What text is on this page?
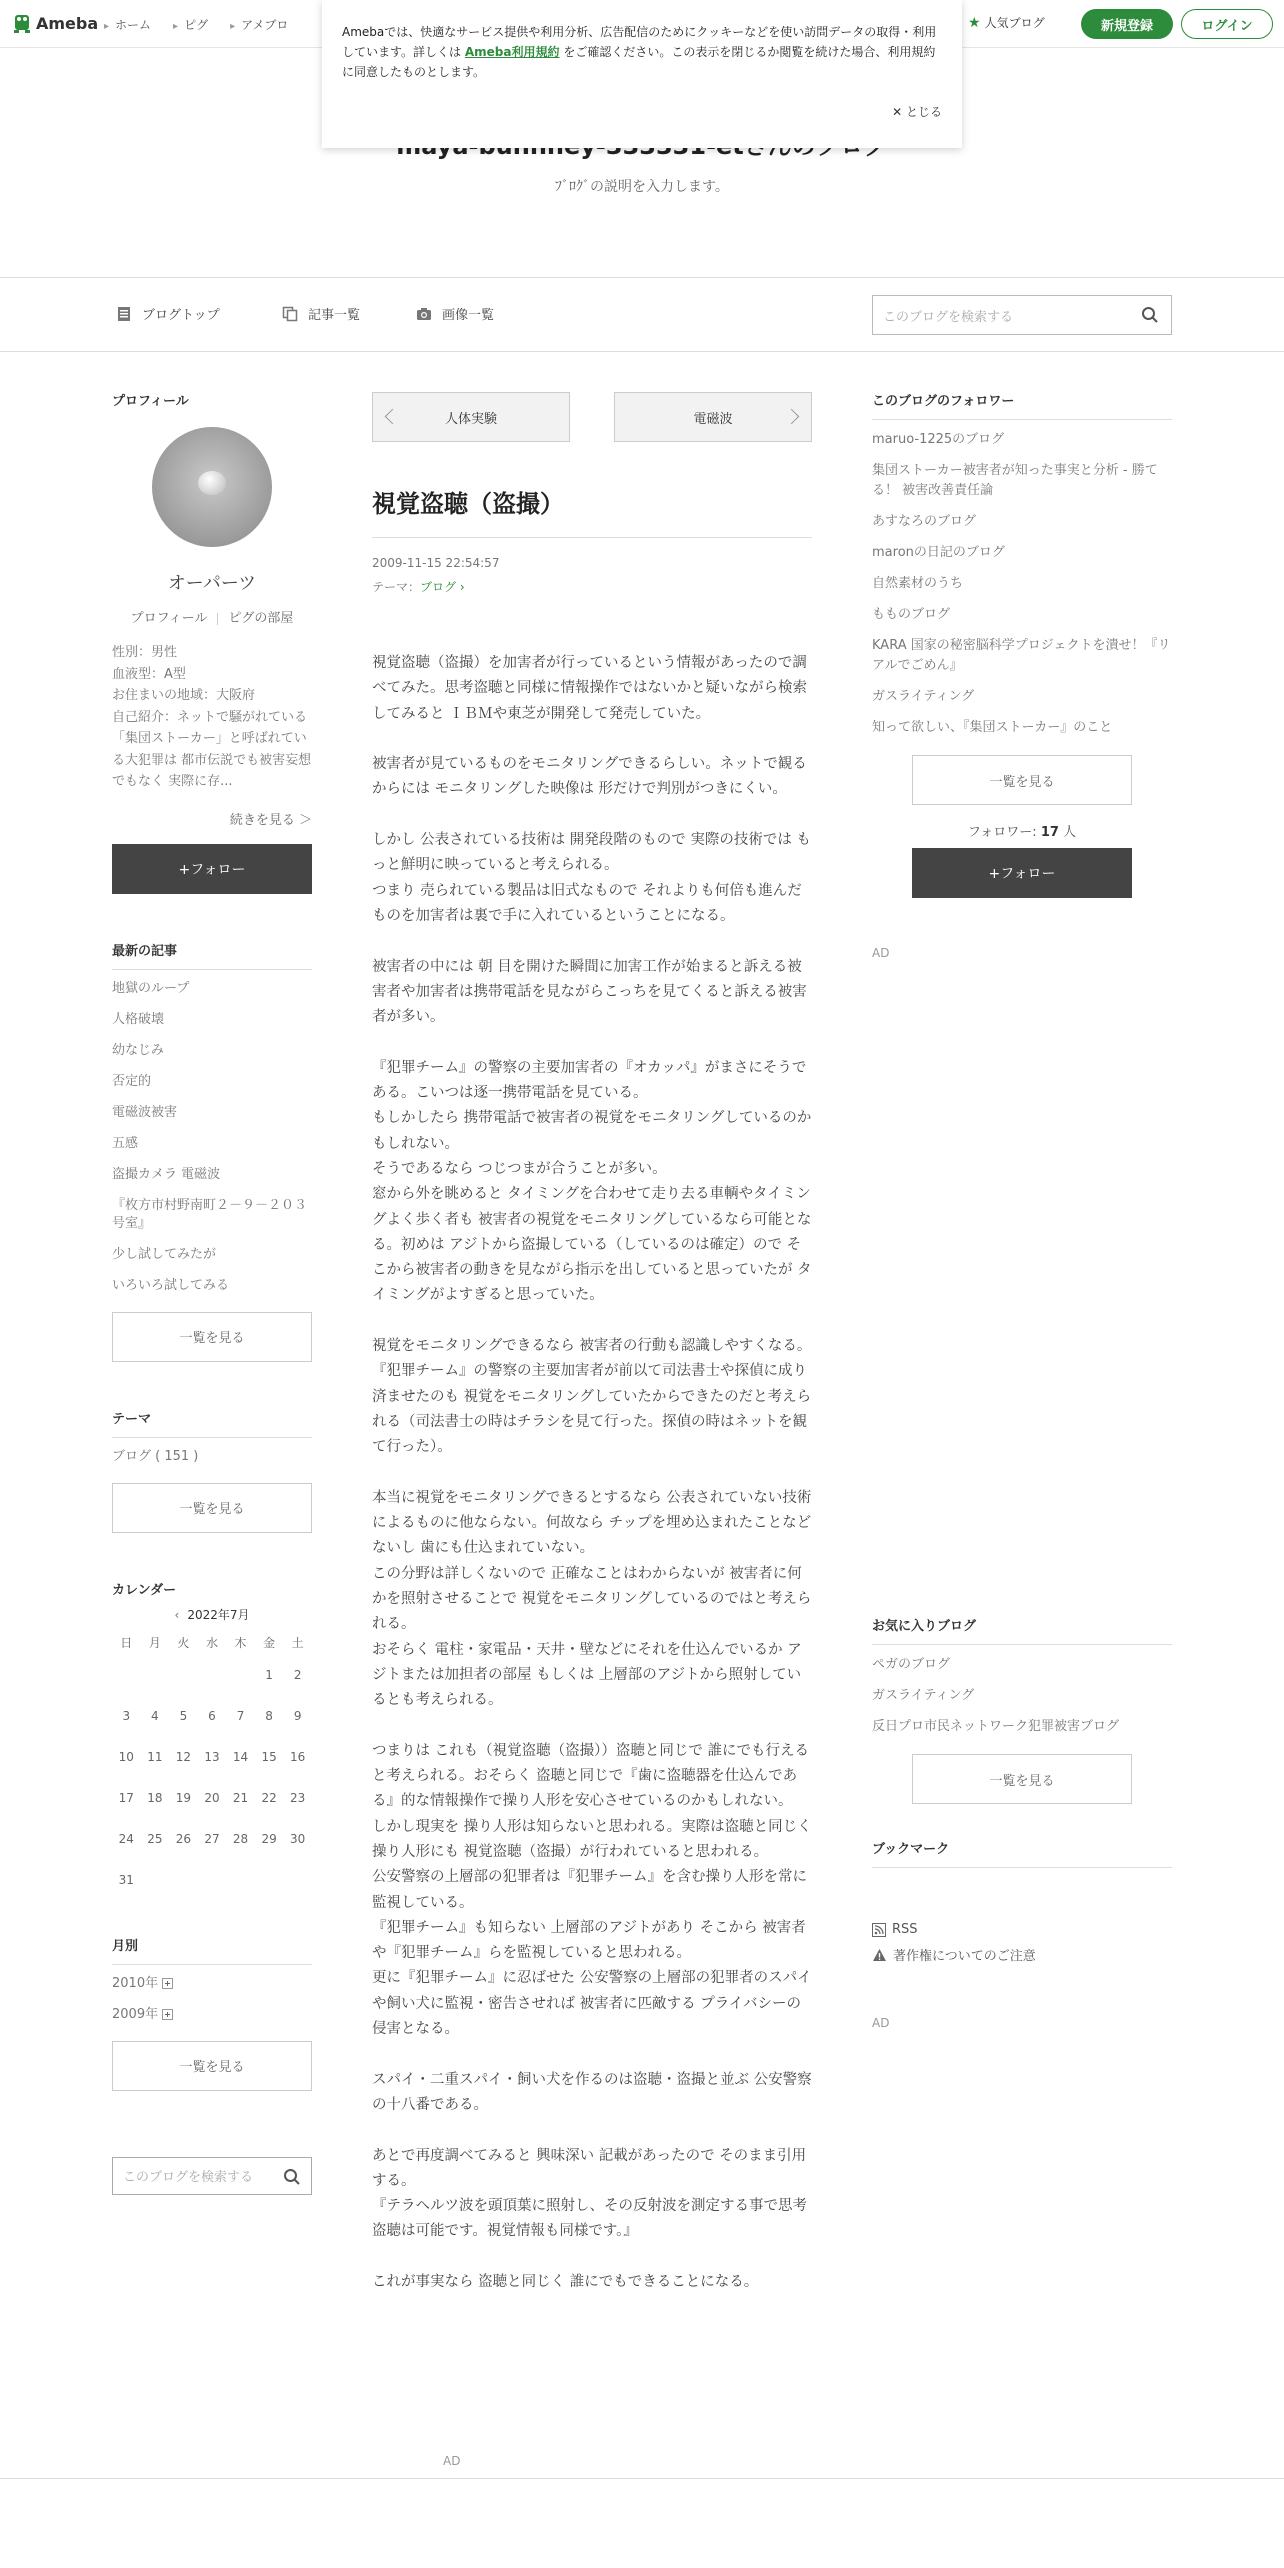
Ameba	▸ ホーム	▸ ピグ	▸ アメブロ	★ 人気ブログ	新規登録	ログイン
Amebaでは、快適なサービス提供や利用分析、広告配信のためにクッキーなどを使い訪問データの取得・利用しています。詳しくは Ameba利用規約 をご確認ください。この表示を閉じるか閲覧を続けた場合、利用規約に同意したものとします。
✕ とじる
ﾌﾞﾛｸﾞの説明を入力します。
ブログトップ	記事一覧	画像一覧	このブログを検索する
プロフィール
オーパーツ
プロフィール ピグの部屋
性別：男性
血液型：A型
お住まいの地域：大阪府
自己紹介：ネットで騒がれている「集団ストーカー」と呼ばれている大犯罪は 都市伝説でも被害妄想でもなく 実際に存...
続きを見る ＞
+フォロー
最新の記事
地獄のループ
人格破壊
幼なじみ
否定的
電磁波被害
五感
盗撮カメラ 電磁波
『枚方市村野南町２－９－２０３号室』
少し試してみたが
いろいろ試してみる
一覧を見る
テーマ
ブログ ( 151 )
一覧を見る
カレンダー
‹ 2022年7月
日	月	火	水	木	金	土
					1	2
3	4	5	6	7	8	9
10	11	12	13	14	15	16
17	18	19	20	21	22	23
24	25	26	27	28	29	30
31						
月別
2010年
2009年
一覧を見る
このブログを検索する
人体実験	電磁波
視覚盗聴（盗撮）
2009-11-15 22:54:57
テーマ：ブログ ›

視覚盗聴（盗撮）を加害者が行っているという情報があったので調べてみた。思考盗聴と同様に情報操作ではないかと疑いながら検索してみると ＩＢＭや東芝が開発して発売していた。

被害者が見ているものをモニタリングできるらしい。ネットで観るからには モニタリングした映像は 形だけで判別がつきにくい。

しかし 公表されている技術は 開発段階のもので 実際の技術では もっと鮮明に映っていると考えられる。
つまり 売られている製品は旧式なもので それよりも何倍も進んだものを加害者は裏で手に入れているということになる。

被害者の中には 朝 目を開けた瞬間に加害工作が始まると訴える被害者や加害者は携帯電話を見ながらこっちを見てくると訴える被害者が多い。

『犯罪チーム』の警察の主要加害者の『オカッパ』がまさにそうである。こいつは逐一携帯電話を見ている。
もしかしたら 携帯電話で被害者の視覚をモニタリングしているのかもしれない。
そうであるなら つじつまが合うことが多い。
窓から外を眺めると タイミングを合わせて走り去る車輌やタイミングよく歩く者も 被害者の視覚をモニタリングしているなら可能となる。初めは アジトから盗撮している（しているのは確定）ので そこから被害者の動きを見ながら指示を出していると思っていたが タイミングがよすぎると思っていた。

視覚をモニタリングできるなら 被害者の行動も認識しやすくなる。
『犯罪チーム』の警察の主要加害者が前以て司法書士や探偵に成り済ませたのも 視覚をモニタリングしていたからできたのだと考えられる（司法書士の時はチラシを見て行った。探偵の時はネットを観て行った）。

本当に視覚をモニタリングできるとするなら 公表されていない技術によるものに他ならない。何故なら チップを埋め込まれたことなどないし 歯にも仕込まれていない。
この分野は詳しくないので 正確なことはわからないが 被害者に何かを照射させることで 視覚をモニタリングしているのではと考えられる。
おそらく 電柱・家電品・天井・壁などにそれを仕込んでいるか アジトまたは加担者の部屋 もしくは 上層部のアジトから照射しているとも考えられる。

つまりは これも（視覚盗聴（盗撮））盗聴と同じで 誰にでも行えると考えられる。おそらく 盗聴と同じで『歯に盗聴器を仕込んである』的な情報操作で操り人形を安心させているのかもしれない。
しかし現実を 操り人形は知らないと思われる。実際は盗聴と同じく 操り人形にも 視覚盗聴（盗撮）が行われていると思われる。
公安警察の上層部の犯罪者は『犯罪チーム』を含む操り人形を常に監視している。
『犯罪チーム』も知らない 上層部のアジトがあり そこから 被害者や『犯罪チーム』らを監視していると思われる。
更に『犯罪チーム』に忍ばせた 公安警察の上層部の犯罪者のスパイや飼い犬に監視・密告させれば 被害者に匹敵する プライバシーの侵害となる。

スパイ・二重スパイ・飼い犬を作るのは盗聴・盗撮と並ぶ 公安警察の十八番である。

あとで再度調べてみると 興味深い 記載があったので そのまま引用する。
『テラヘルツ波を頭頂葉に照射し、その反射波を測定する事で思考盗聴は可能です。視覚情報も同様です。』

これが事実なら 盗聴と同じく 誰にでもできることになる。

AD
このブログのフォロワー
maruo-1225のブログ
集団ストーカー被害者が知った事実と分析 - 勝てる！ 被害改善責任論
あすなろのブログ
maronの日記のブログ
自然素材のうち
もものブログ
KARA 国家の秘密脳科学プロジェクトを潰せ！『リアルでごめん』
ガスライティング
知って欲しい、『集団ストーカー』のこと
一覧を見る
フォロワー: 17 人
+フォロー
AD
お気に入りブログ
ペガのブログ
ガスライティング
反日プロ市民ネットワーク犯罪被害ブログ
一覧を見る
ブックマーク
RSS
著作権についてのご注意
AD
